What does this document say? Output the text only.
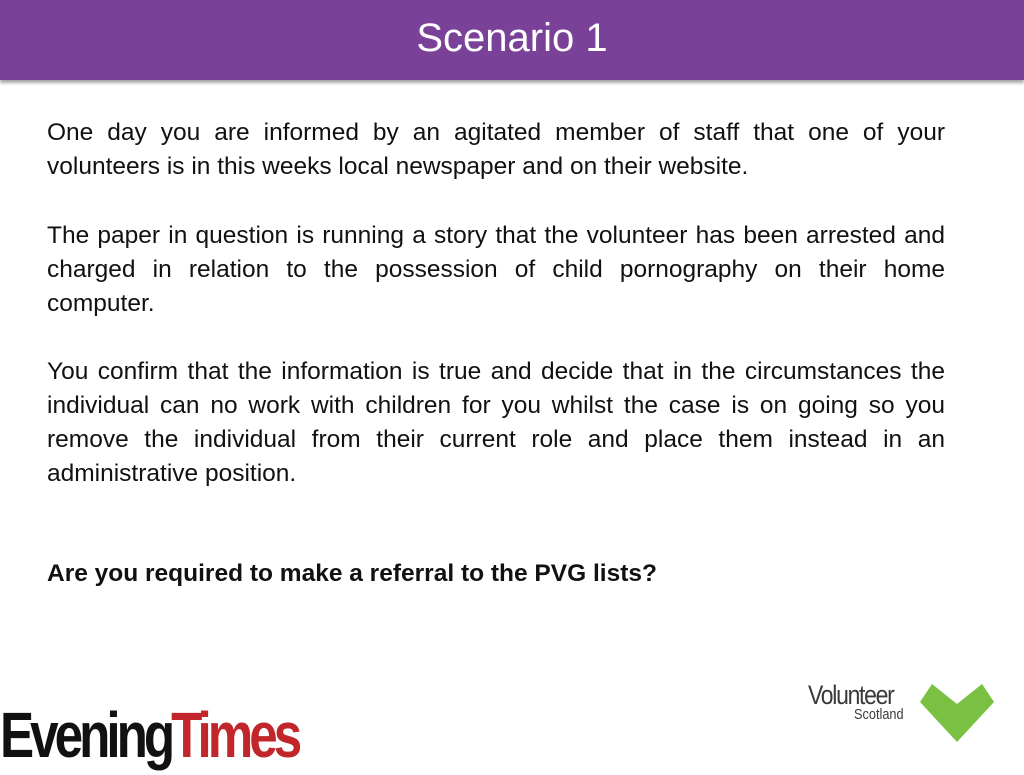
Scenario 1
One day you are informed by an agitated member of staff that one of your volunteers is in this weeks local newspaper and on their website.
The paper in question is running a story that the volunteer has been arrested and charged in relation to the possession of child pornography on their home computer.
You confirm that the information is true and decide that in the circumstances the individual can no work with children for you whilst the case is on going so you remove the individual from their current role and place them instead in an administrative position.
Are you required to make a referral to the PVG lists?
EveningTimes
Volunteer
Scotland
